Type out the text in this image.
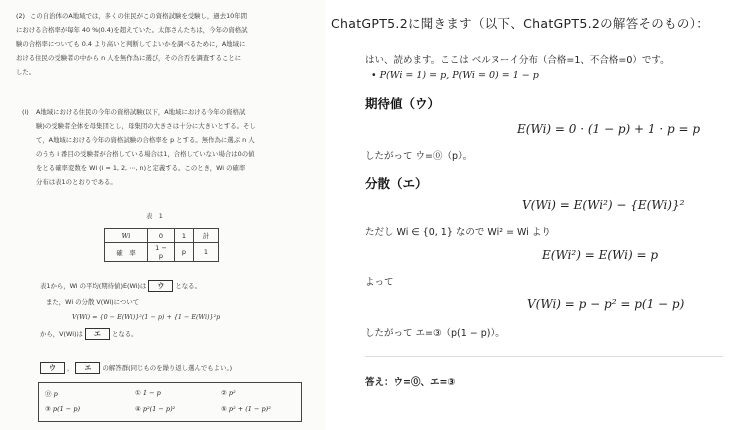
(2) この自治体のA地域では，多くの住民がこの資格試験を受験し，過去10年間
における合格率が毎年 40 %(0.4)を超えていた。太郎さんたちは，今年の資格試
験の合格率についても 0.4 より高いと判断してよいかを調べるために，A地域に
おける住民の受験者の中から n 人を無作為に選び，その合否を調査することに
した。
(i) A地域における住民の今年の資格試験(以下，A地域における今年の資格試
験)の受験者全体を母集団とし，母集団の大きさは十分に大きいとする。そし
て，A地域における今年の資格試験の合格率を p とする。無作為に選ぶ n 人
のうち i 番目の受験者が合格している場合は1，合格していない場合は0の値
をとる確率変数を Wi (i = 1, 2, ⋯, n)と定義する。このとき，Wi の確率
分布は表1のとおりである。
表　1
Wi	0	1	計
確　率	1 − p	p	1
表1から，Wi の平均(期待値)E(Wi)は ウ となる。
また，Wi の分散 V(Wi)について
V(Wi) = {0 − E(Wi)}²(1 − p) + {1 − E(Wi)}²p
から，V(Wi)は エ となる。
ウ ， エ の解答群(同じものを繰り返し選んでもよい。)
⓪ p	① 1 − p	② p²
③ p(1 − p)	④ p²(1 − p)²	⑤ p² + (1 − p)²
ChatGPT5.2に聞きます（以下、ChatGPT5.2の解答そのもの）：
はい、読めます。ここは ベルヌーイ分布（合格=1、不合格=0）です。
• P(Wi = 1) = p, P(Wi = 0) = 1 − p
期待値（ウ）
E(Wi) = 0 · (1 − p) + 1 · p = p
したがって ウ=⓪（p）。
分散（エ）
V(Wi) = E(Wi²) − {E(Wi)}²
ただし Wi ∈ {0, 1} なので Wi² = Wi より
E(Wi²) = E(Wi) = p
よって
V(Wi) = p − p² = p(1 − p)
したがって エ=③（p(1 − p)）。
答え：ウ=⓪、エ=③
